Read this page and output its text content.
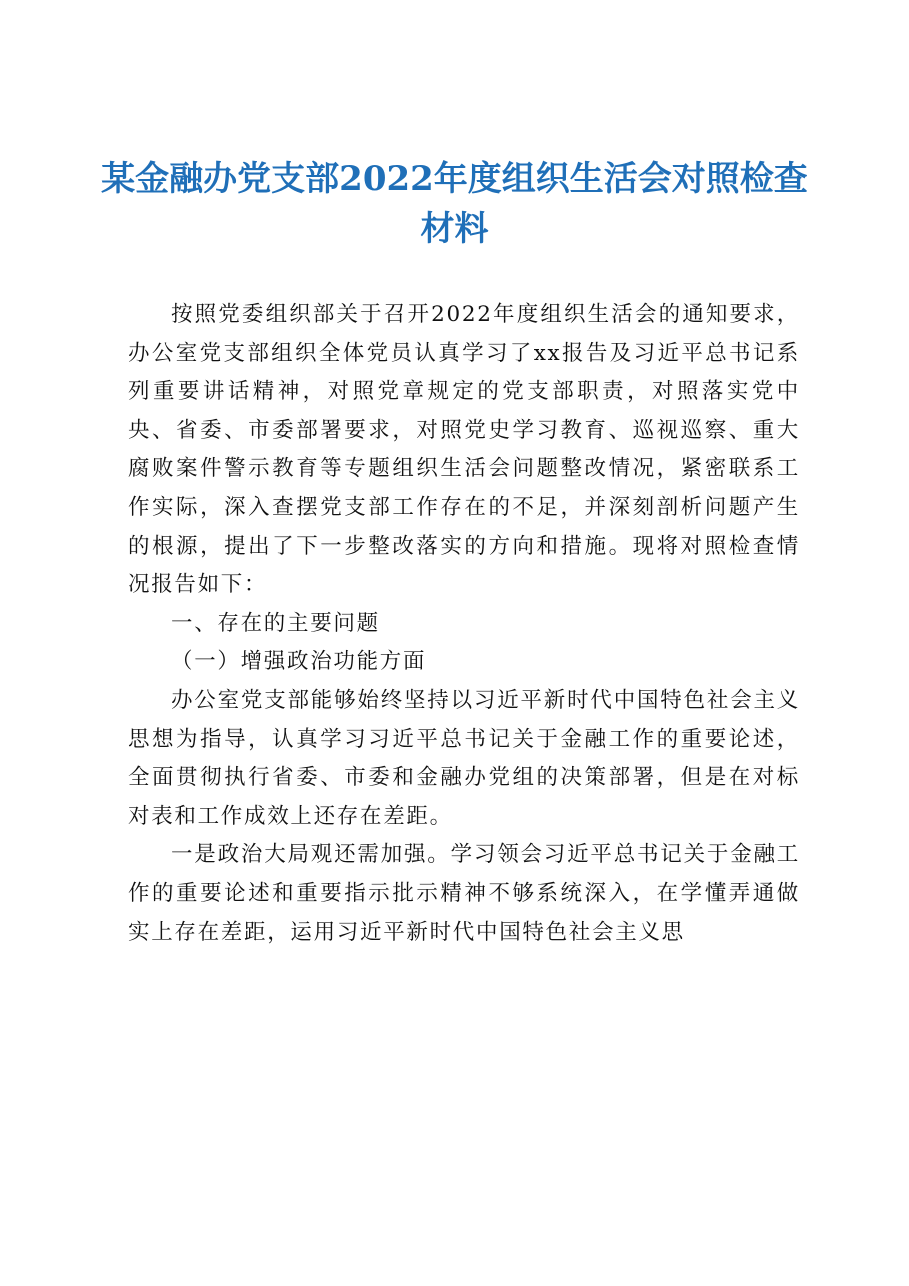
某金融办党支部2022年度组织生活会对照检查材料

按照党委组织部关于召开2022年度组织生活会的通知要求，办公室党支部组织全体党员认真学习了xx报告及习近平总书记系列重要讲话精神，对照党章规定的党支部职责，对照落实党中央、省委、市委部署要求，对照党史学习教育、巡视巡察、重大腐败案件警示教育等专题组织生活会问题整改情况，紧密联系工作实际，深入查摆党支部工作存在的不足，并深刻剖析问题产生的根源，提出了下一步整改落实的方向和措施。现将对照检查情况报告如下：

一、存在的主要问题

（一）增强政治功能方面

办公室党支部能够始终坚持以习近平新时代中国特色社会主义思想为指导，认真学习习近平总书记关于金融工作的重要论述，全面贯彻执行省委、市委和金融办党组的决策部署，但是在对标对表和工作成效上还存在差距。

一是政治大局观还需加强。学习领会习近平总书记关于金融工作的重要论述和重要指示批示精神不够系统深入，在学懂弄通做实上存在差距，运用习近平新时代中国特色社会主义思
